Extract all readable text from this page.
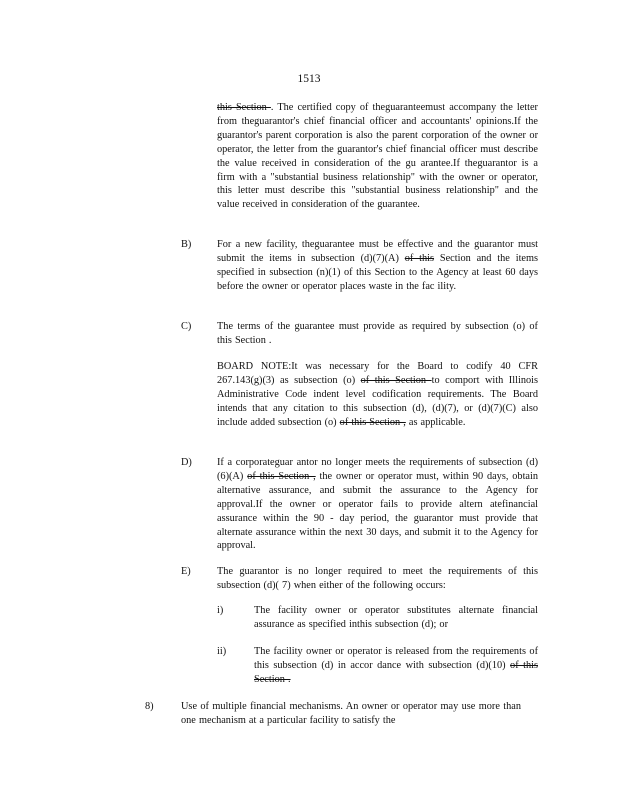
1513
this Section . The certified copy of theguaranteemust accompany the letter from theguarantor's chief financial officer and accountants' opinions.If the guarantor's parent corporation is also the parent corporation of the owner or operator, the letter from the guarantor's chief financial officer must describe the value received in consideration of the gu arantee.If theguarantor is a firm with a "substantial business relationship" with the owner or operator, this letter must describe this "substantial business relationship" and the value received in consideration of the guarantee.
B) For a new facility, theguarantee must be effective and the guarantor must submit the items in subsection (d)(7)(A) of this Section and the items specified in subsection (n)(1) of this Section to the Agency at least 60 days before the owner or operator places waste in the fac ility.
C) The terms of the guarantee must provide as required by subsection (o) of this Section .
BOARD NOTE:It was necessary for the Board to codify 40 CFR 267.143(g)(3) as subsection (o) of this Section to comport with Illinois Administrative Code indent level codification requirements. The Board intends that any citation to this subsection (d), (d)(7), or (d)(7)(C) also include added subsection (o) of this Section , as applicable.
D) If a corporateguar antor no longer meets the requirements of subsection (d)(6)(A) of this Section , the owner or operator must, within 90 days, obtain alternative assurance, and submit the assurance to the Agency for approval.If the owner or operator fails to provide altern atefinancial assurance within the 90 - day period, the guarantor must provide that alternate assurance within the next 30 days, and submit it to the Agency for approval.
E)	The guarantor is no longer required to meet the requirements of this subsection (d)( 7) when either of the following occurs:
i)	The facility owner or operator substitutes alternate financial assurance as specified inthis subsection (d); or
ii)	The facility owner or operator is released from the requirements of this subsection (d) in accor dance with subsection (d)(10) of this Section .
8)	Use of multiple financial mechanisms. An owner or operator may use more than one mechanism at a particular facility to satisfy the
